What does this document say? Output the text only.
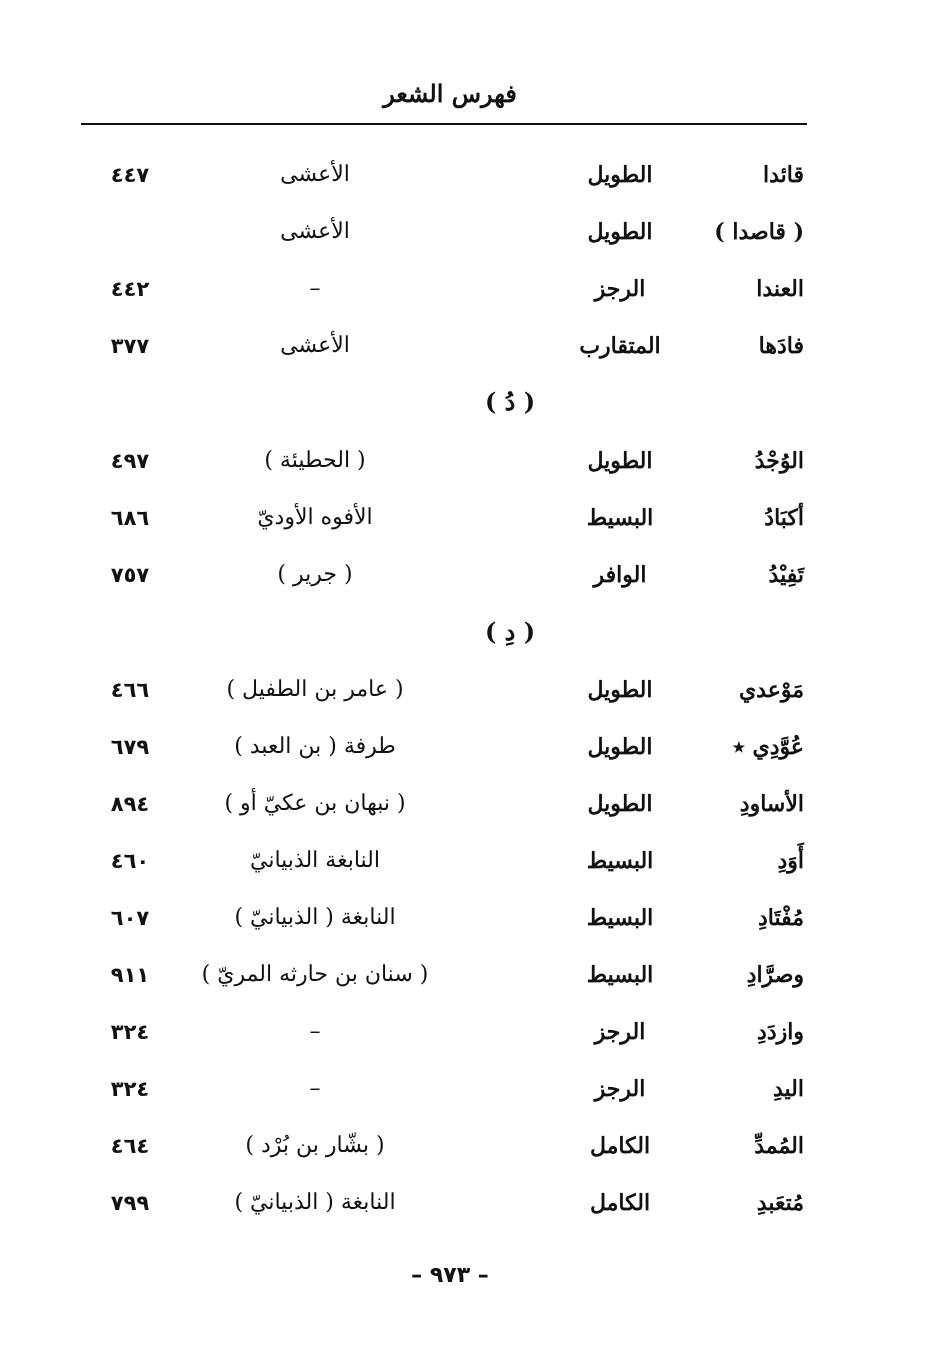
فهرس الشعر
قائدا
الطويل
الأعشى
٤٤٧
( قاصدا )
الطويل
الأعشى
العندا
الرجز
–
٤٤٢
فادَها
المتقارب
الأعشى
٣٧٧
( دُ )
الوُجْدُ
الطويل
( الحطيئة )
٤٩٧
أكبَادُ
البسيط
الأفوه الأوديّ
٦٨٦
تَفِيْدُ
الوافر
( جرير )
٧٥٧
( دِ )
مَوْعدي
الطويل
( عامر بن الطفيل )
٤٦٦
عُوَّدِي ٭
الطويل
طرفة ( بن العبد )
٦٧٩
الأساودِ
الطويل
( نبهان بن عكيّ أو )
٨٩٤
أَوَدِ
البسيط
النابغة الذبيانيّ
٤٦٠
مُفْتَادِ
البسيط
النابغة ( الذبيانيّ )
٦٠٧
وصرَّادِ
البسيط
( سنان بن حارثه المريّ )
٩١١
وازدَدِ
الرجز
–
٣٢٤
اليدِ
الرجز
–
٣٢٤
المُمدِّ
الكامل
( بشّار بن بُرْد )
٤٦٤
مُتعَبدِ
الكامل
النابغة ( الذبيانيّ )
٧٩٩
– ٩٧٣ –
